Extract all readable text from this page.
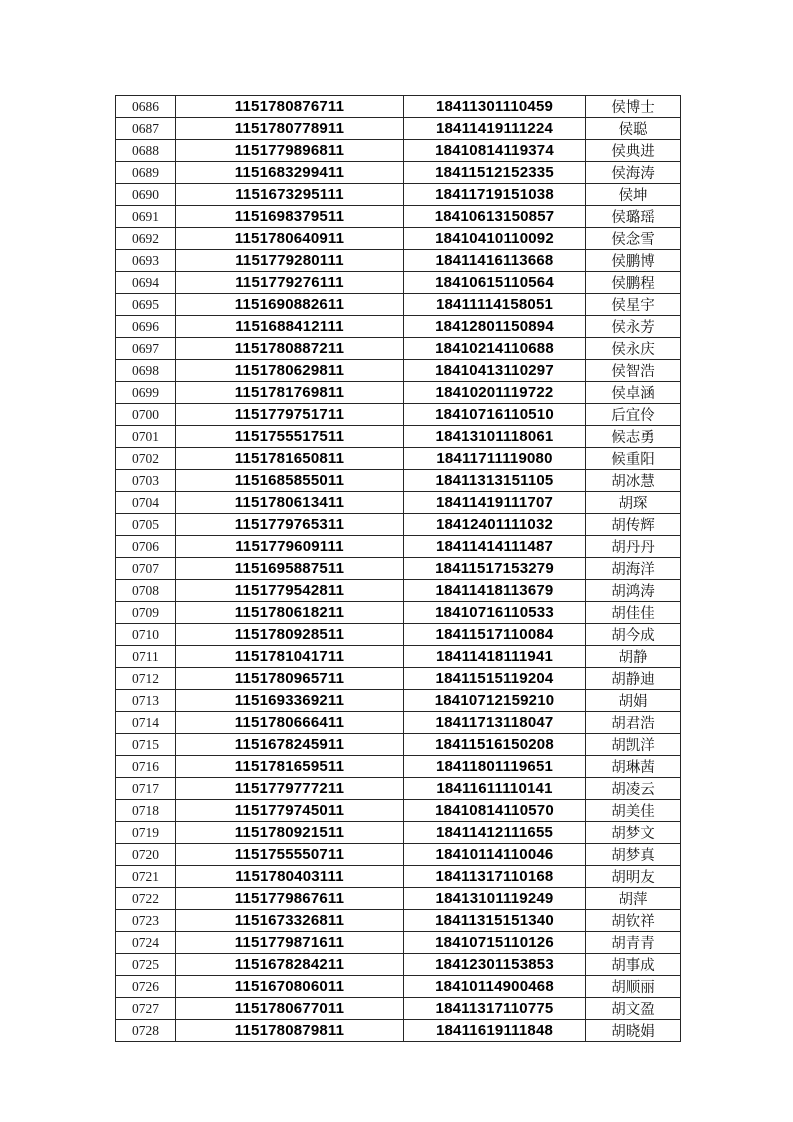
0686	1151780876711	18411301110459	侯博士
0687	1151780778911	18411419111224	侯聪
0688	1151779896811	18410814119374	侯典进
0689	1151683299411	18411512152335	侯海涛
0690	1151673295111	18411719151038	侯坤
0691	1151698379511	18410613150857	侯璐瑶
0692	1151780640911	18410410110092	侯念雪
0693	1151779280111	18411416113668	侯鹏博
0694	1151779276111	18410615110564	侯鹏程
0695	1151690882611	18411114158051	侯星宇
0696	1151688412111	18412801150894	侯永芳
0697	1151780887211	18410214110688	侯永庆
0698	1151780629811	18410413110297	侯智浩
0699	1151781769811	18410201119722	侯卓涵
0700	1151779751711	18410716110510	后宜伶
0701	1151755517511	18413101118061	候志勇
0702	1151781650811	18411711119080	候重阳
0703	1151685855011	18411313151105	胡冰慧
0704	1151780613411	18411419111707	胡琛
0705	1151779765311	18412401111032	胡传辉
0706	1151779609111	18411414111487	胡丹丹
0707	1151695887511	18411517153279	胡海洋
0708	1151779542811	18411418113679	胡鸿涛
0709	1151780618211	18410716110533	胡佳佳
0710	1151780928511	18411517110084	胡今成
0711	1151781041711	18411418111941	胡静
0712	1151780965711	18411515119204	胡静迪
0713	1151693369211	18410712159210	胡娟
0714	1151780666411	18411713118047	胡君浩
0715	1151678245911	18411516150208	胡凯洋
0716	1151781659511	18411801119651	胡琳茜
0717	1151779777211	18411611110141	胡凌云
0718	1151779745011	18410814110570	胡美佳
0719	1151780921511	18411412111655	胡梦文
0720	1151755550711	18410114110046	胡梦真
0721	1151780403111	18411317110168	胡明友
0722	1151779867611	18413101119249	胡萍
0723	1151673326811	18411315151340	胡钦祥
0724	1151779871611	18410715110126	胡青青
0725	1151678284211	18412301153853	胡事成
0726	1151670806011	18410114900468	胡顺丽
0727	1151780677011	18411317110775	胡文盈
0728	1151780879811	18411619111848	胡晓娟
